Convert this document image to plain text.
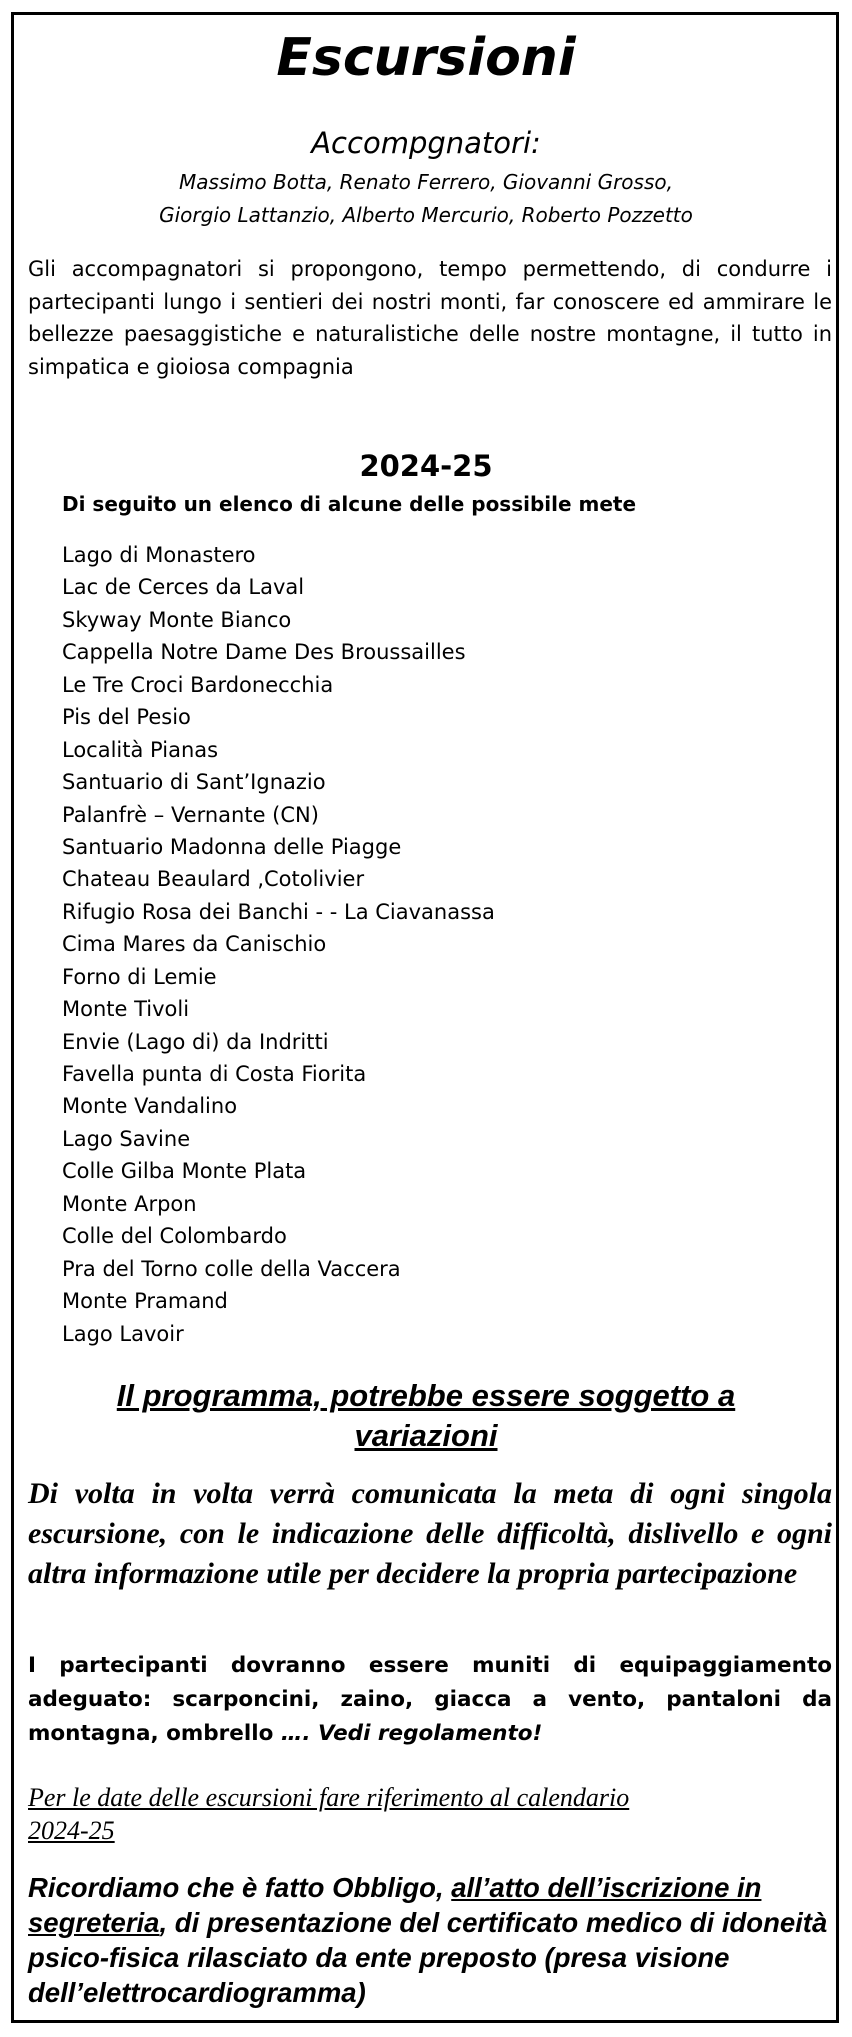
Escursioni
Accompgnatori:
Massimo Botta, Renato Ferrero, Giovanni Grosso,
Giorgio Lattanzio, Alberto Mercurio, Roberto Pozzetto
Gli accompagnatori si propongono, tempo permettendo, di condurre i partecipanti lungo i sentieri dei nostri monti, far conoscere ed ammirare le bellezze paesaggistiche e naturalistiche delle nostre montagne, il tutto in simpatica e gioiosa compagnia
2024-25
Di seguito un elenco di alcune delle possibile mete
Lago di Monastero
Lac de Cerces da Laval
Skyway Monte Bianco
Cappella Notre Dame Des Broussailles
Le Tre Croci Bardonecchia
Pis del Pesio
Località Pianas
Santuario di Sant’Ignazio
Palanfrè – Vernante (CN)
Santuario Madonna delle Piagge
Chateau Beaulard ,Cotolivier
Rifugio Rosa dei Banchi - - La Ciavanassa
Cima Mares da Canischio
Forno di Lemie
Monte Tivoli
Envie (Lago di) da Indritti
Favella punta di Costa Fiorita
Monte Vandalino
Lago Savine
Colle Gilba Monte Plata
Monte Arpon
Colle del Colombardo
Pra del Torno colle della Vaccera
Monte Pramand
Lago Lavoir
Il programma, potrebbe essere soggetto a
variazioni
Di volta in volta verrà comunicata la meta di ogni singola escursione, con le indicazione delle difficoltà, dislivello e ogni altra informazione utile per decidere la propria partecipazione
I partecipanti dovranno essere muniti di equipaggiamento adeguato: scarponcini, zaino, giacca a vento, pantaloni da montagna, ombrello …. Vedi regolamento!
Per le date delle escursioni fare riferimento al calendario
2024-25
Ricordiamo che è fatto Obbligo, all’atto dell’iscrizione in segreteria, di presentazione del certificato medico di idoneità psico-fisica rilasciato da ente preposto (presa visione dell’elettrocardiogramma)
